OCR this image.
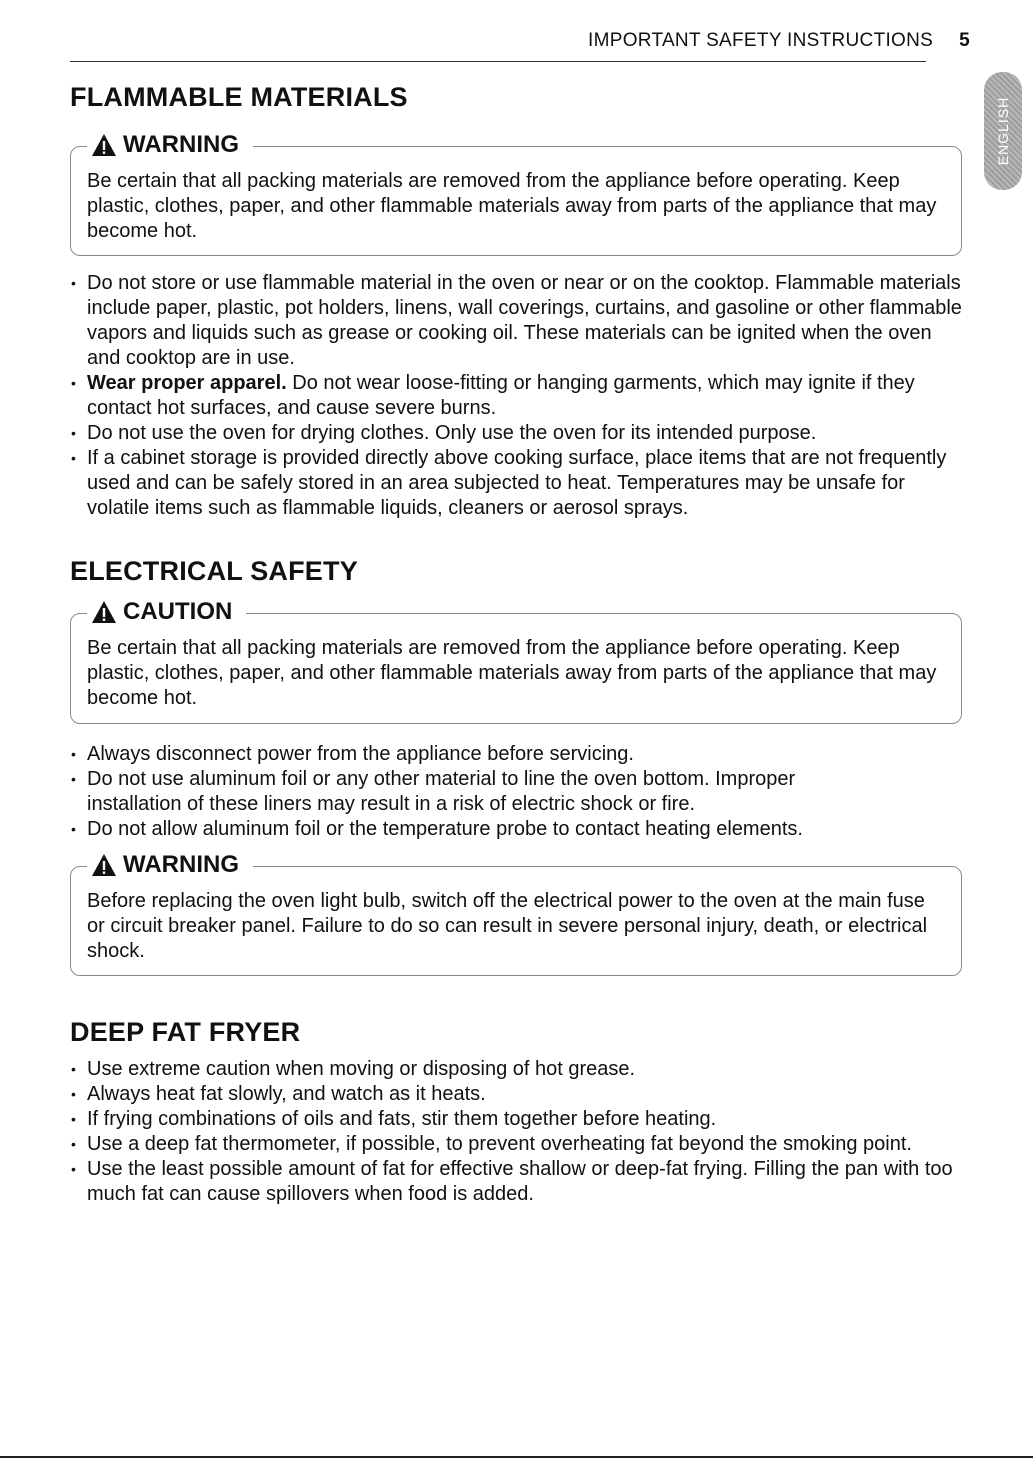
IMPORTANT SAFETY INSTRUCTIONS 5
ENGLISH
FLAMMABLE MATERIALS
WARNING
Be certain that all packing materials are removed from the appliance before operating. Keep plastic, clothes, paper, and other flammable materials away from parts of the appliance that may become hot.
• Do not store or use flammable material in the oven or near or on the cooktop. Flammable materials include paper, plastic, pot holders, linens, wall coverings, curtains, and gasoline or other flammable vapors and liquids such as grease or cooking oil. These materials can be ignited when the oven and cooktop are in use.
• Wear proper apparel. Do not wear loose-fitting or hanging garments, which may ignite if they contact hot surfaces, and cause severe burns.
• Do not use the oven for drying clothes. Only use the oven for its intended purpose.
• If a cabinet storage is provided directly above cooking surface, place items that are not frequently used and can be safely stored in an area subjected to heat. Temperatures may be unsafe for volatile items such as flammable liquids, cleaners or aerosol sprays.
ELECTRICAL SAFETY
CAUTION
Be certain that all packing materials are removed from the appliance before operating. Keep plastic, clothes, paper, and other flammable materials away from parts of the appliance that may become hot.
• Always disconnect power from the appliance before servicing.
• Do not use aluminum foil or any other material to line the oven bottom. Improper installation of these liners may result in a risk of electric shock or fire.
• Do not allow aluminum foil or the temperature probe to contact heating elements.
WARNING
Before replacing the oven light bulb, switch off the electrical power to the oven at the main fuse or circuit breaker panel. Failure to do so can result in severe personal injury, death, or electrical shock.
DEEP FAT FRYER
• Use extreme caution when moving or disposing of hot grease.
• Always heat fat slowly, and watch as it heats.
• If frying combinations of oils and fats, stir them together before heating.
• Use a deep fat thermometer, if possible, to prevent overheating fat beyond the smoking point.
• Use the least possible amount of fat for effective shallow or deep-fat frying. Filling the pan with too much fat can cause spillovers when food is added.
